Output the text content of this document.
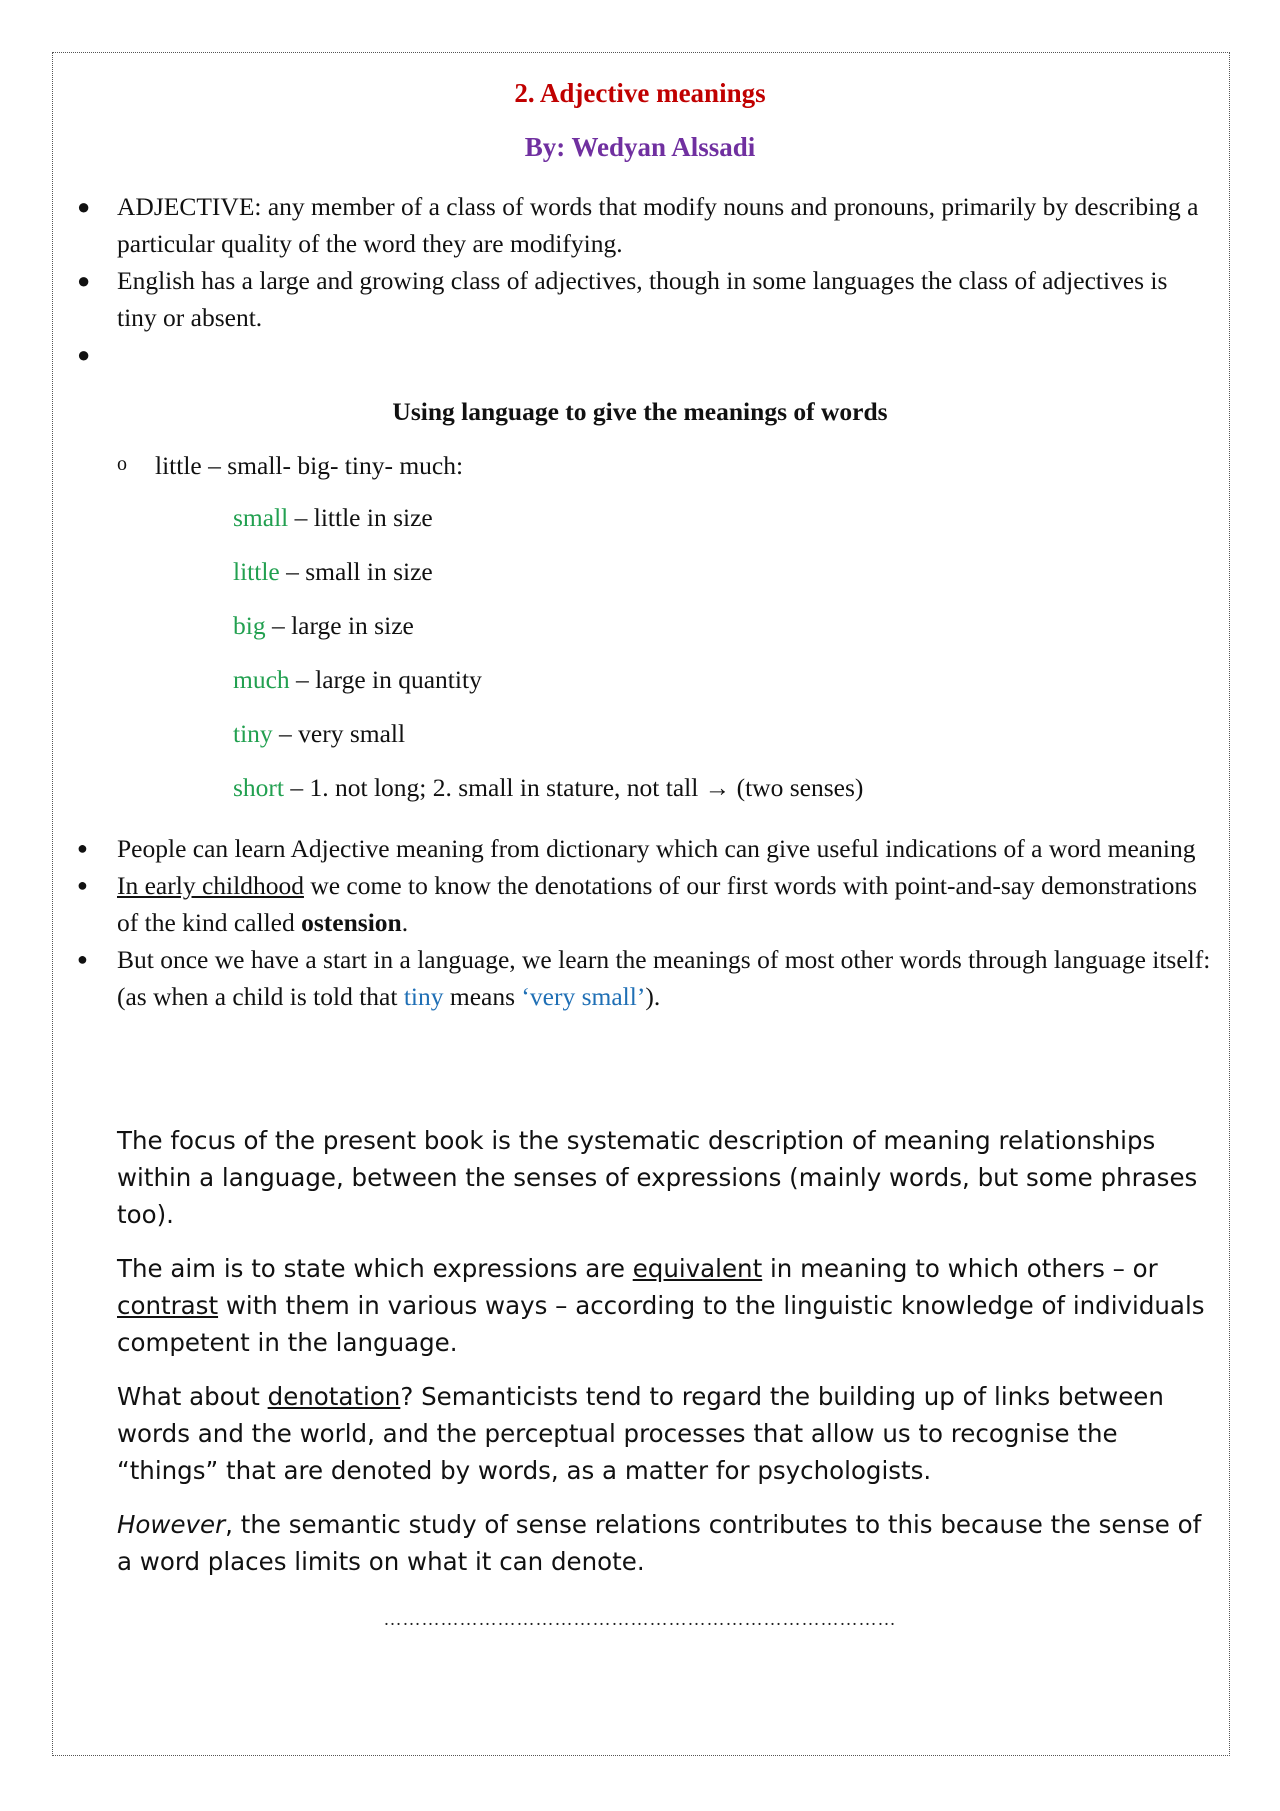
2. Adjective meanings
By: Wedyan Alssadi
● ADJECTIVE: any member of a class of words that modify nouns and pronouns, primarily by describing a particular quality of the word they are modifying.
● English has a large and growing class of adjectives, though in some languages the class of adjectives is tiny or absent.
●
Using language to give the meanings of words
o little – small- big- tiny- much:
small – little in size
little – small in size
big – large in size
much – large in quantity
tiny – very small
short – 1. not long; 2. small in stature, not tall → (two senses)
● People can learn Adjective meaning from dictionary which can give useful indications of a word meaning
● In early childhood we come to know the denotations of our first words with point-and-say demonstrations of the kind called ostension.
● But once we have a start in a language, we learn the meanings of most other words through language itself: (as when a child is told that tiny means ‘very small’).

The focus of the present book is the systematic description of meaning relationships within a language, between the senses of expressions (mainly words, but some phrases too).

The aim is to state which expressions are equivalent in meaning to which others – or contrast with them in various ways – according to the linguistic knowledge of individuals competent in the language.

What about denotation? Semanticists tend to regard the building up of links between words and the world, and the perceptual processes that allow us to recognise the “things” that are denoted by words, as a matter for psychologists.

However, the semantic study of sense relations contributes to this because the sense of a word places limits on what it can denote.

………………………………………………………………………
